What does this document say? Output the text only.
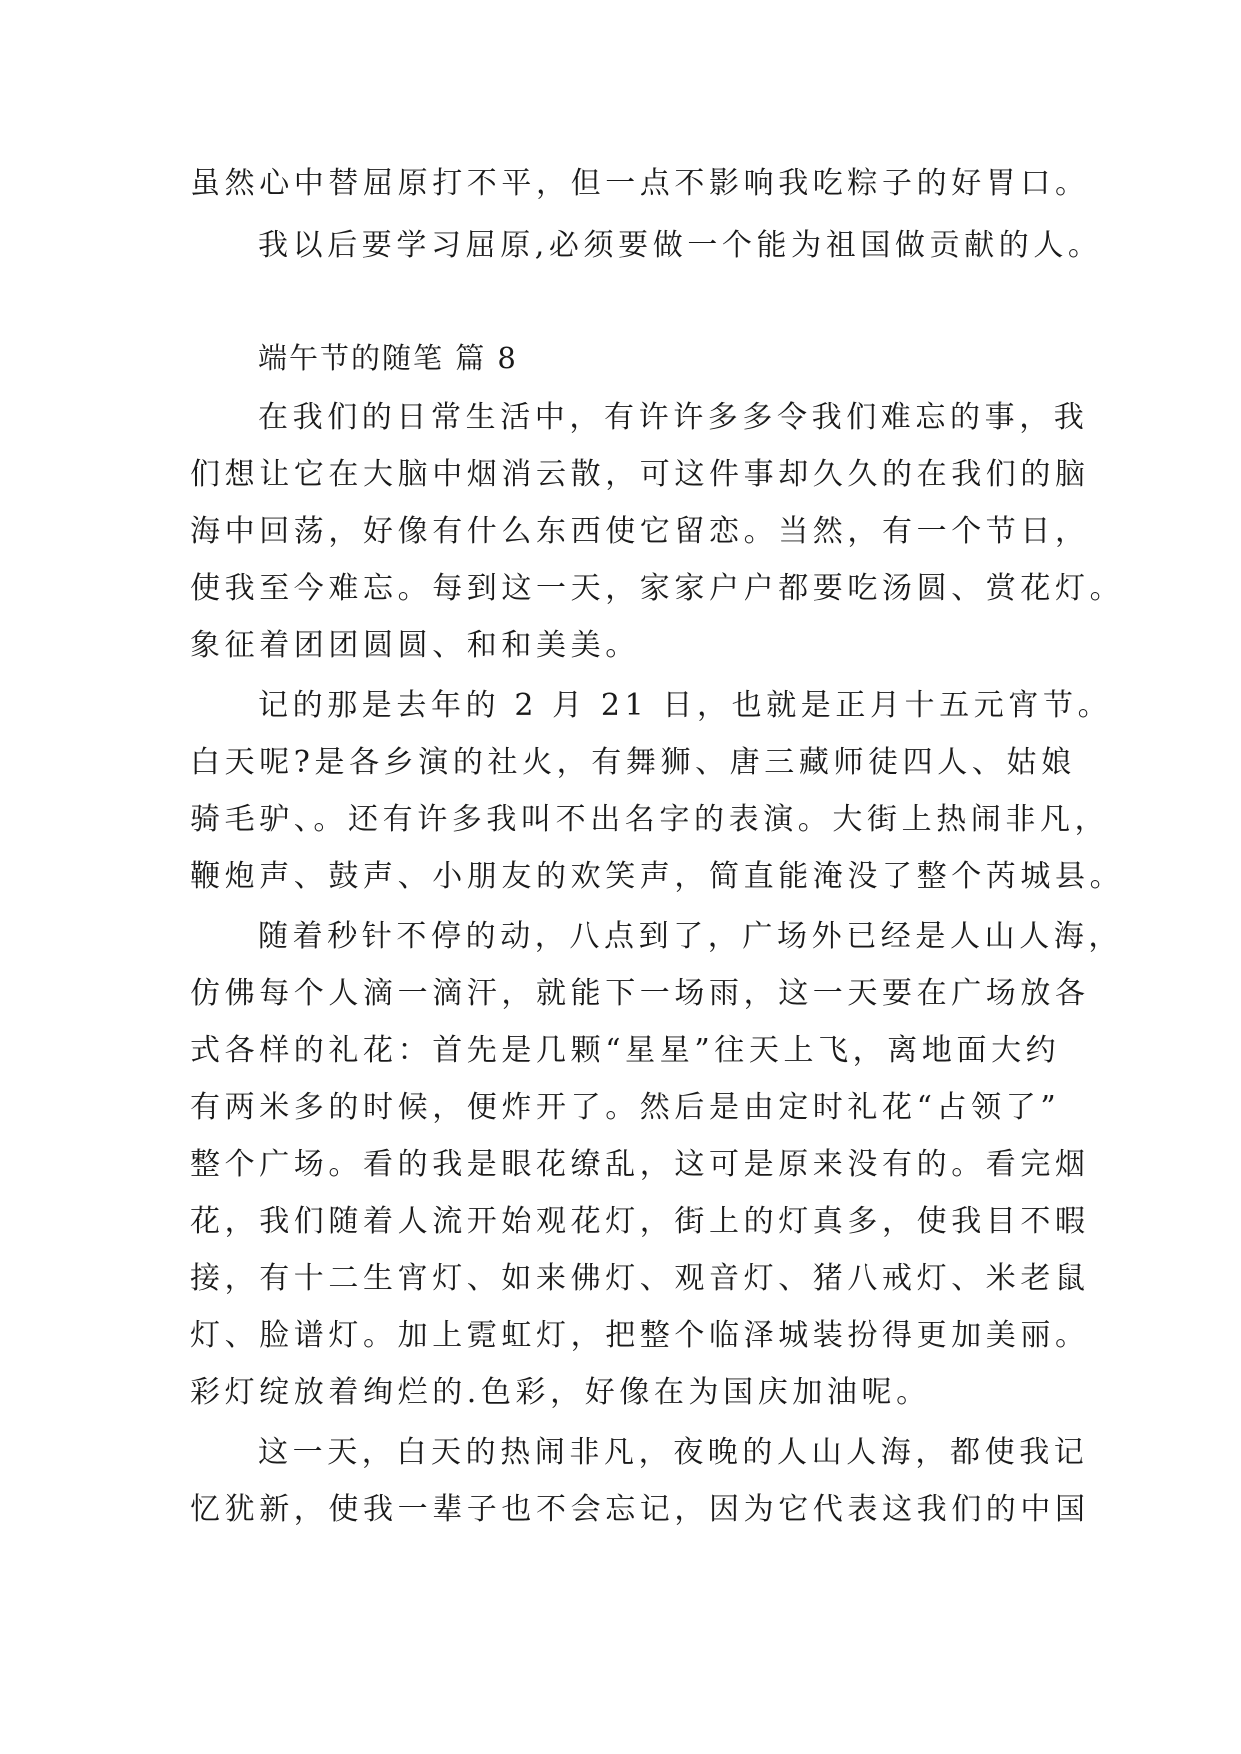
虽然心中替屈原打不平，但一点不影响我吃粽子的好胃口。
我以后要学习屈原,必须要做一个能为祖国做贡献的人。
端午节的随笔 篇 8
在我们的日常生活中，有许许多多令我们难忘的事，我
们想让它在大脑中烟消云散，可这件事却久久的在我们的脑
海中回荡，好像有什么东西使它留恋。当然，有一个节日，
使我至今难忘。每到这一天，家家户户都要吃汤圆、赏花灯。
象征着团团圆圆、和和美美。
记的那是去年的 2 月 21 日，也就是正月十五元宵节。
白天呢?是各乡演的社火，有舞狮、唐三藏师徒四人、姑娘
骑毛驴、。还有许多我叫不出名字的表演。大街上热闹非凡，
鞭炮声、鼓声、小朋友的欢笑声，简直能淹没了整个芮城县。
随着秒针不停的动，八点到了，广场外已经是人山人海，
仿佛每个人滴一滴汗，就能下一场雨，这一天要在广场放各
式各样的礼花：首先是几颗“星星”往天上飞，离地面大约
有两米多的时候，便炸开了。然后是由定时礼花“占领了”
整个广场。看的我是眼花缭乱，这可是原来没有的。看完烟
花，我们随着人流开始观花灯，街上的灯真多，使我目不暇
接，有十二生宵灯、如来佛灯、观音灯、猪八戒灯、米老鼠
灯、脸谱灯。加上霓虹灯，把整个临泽城装扮得更加美丽。
彩灯绽放着绚烂的.色彩，好像在为国庆加油呢。
这一天，白天的热闹非凡，夜晚的人山人海，都使我记
忆犹新，使我一辈子也不会忘记，因为它代表这我们的中国
